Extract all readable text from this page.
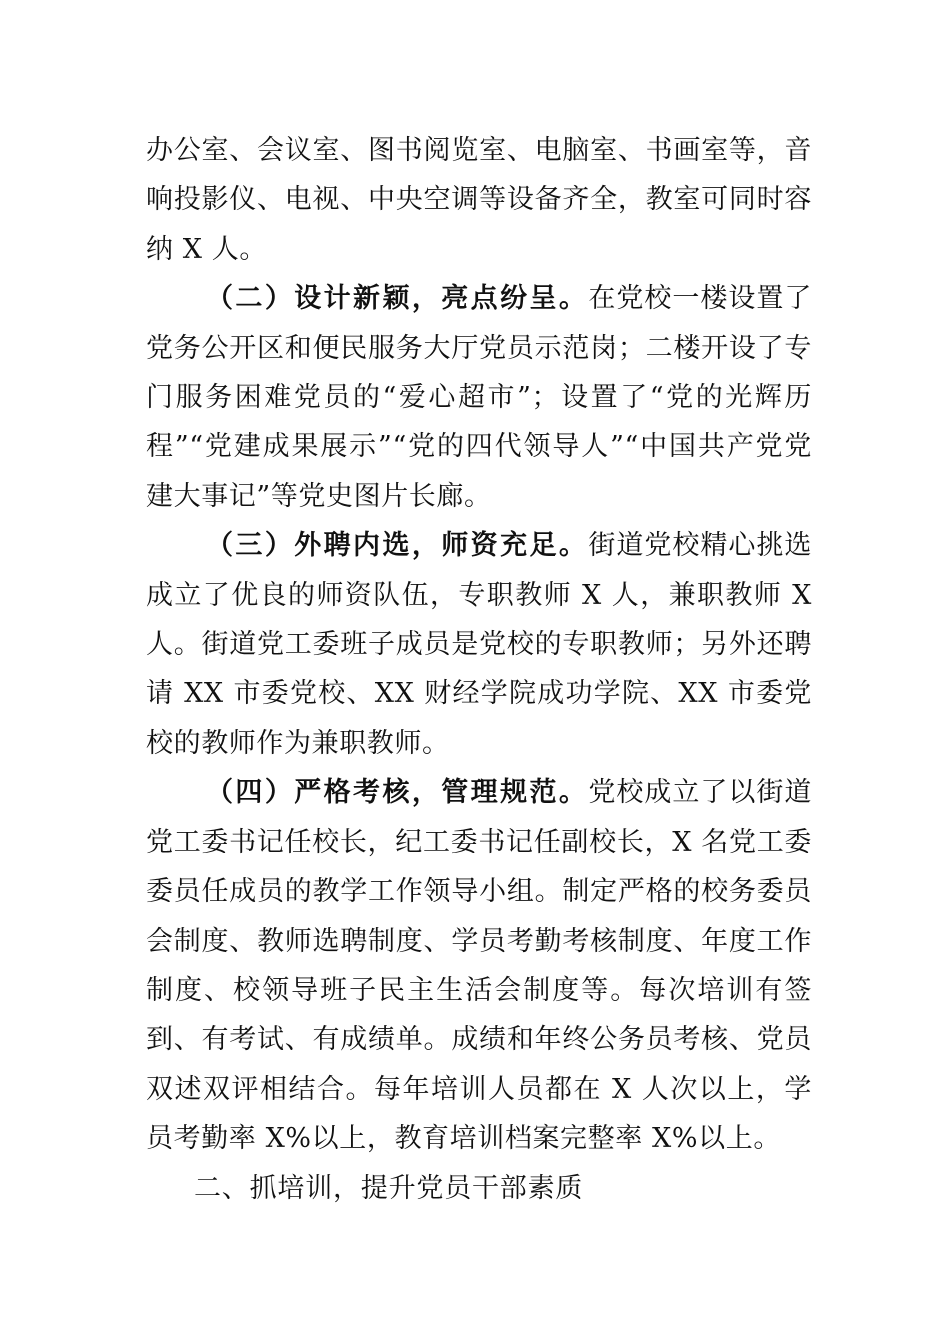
办公室、会议室、图书阅览室、电脑室、书画室等，音响投影仪、电视、中央空调等设备齐全，教室可同时容纳 X 人。

（二）设计新颖，亮点纷呈。在党校一楼设置了党务公开区和便民服务大厅党员示范岗；二楼开设了专门服务困难党员的“爱心超市”；设置了“党的光辉历程”“党建成果展示”“党的四代领导人”“中国共产党党建大事记”等党史图片长廊。

（三）外聘内选，师资充足。街道党校精心挑选成立了优良的师资队伍，专职教师 X 人，兼职教师 X 人。街道党工委班子成员是党校的专职教师；另外还聘请 XX 市委党校、XX 财经学院成功学院、XX 市委党校的教师作为兼职教师。

（四）严格考核，管理规范。党校成立了以街道党工委书记任校长，纪工委书记任副校长，X 名党工委委员任成员的教学工作领导小组。制定严格的校务委员会制度、教师选聘制度、学员考勤考核制度、年度工作制度、校领导班子民主生活会制度等。每次培训有签到、有考试、有成绩单。成绩和年终公务员考核、党员双述双评相结合。每年培训人员都在 X 人次以上，学员考勤率 X%以上，教育培训档案完整率 X%以上。

二、抓培训，提升党员干部素质
